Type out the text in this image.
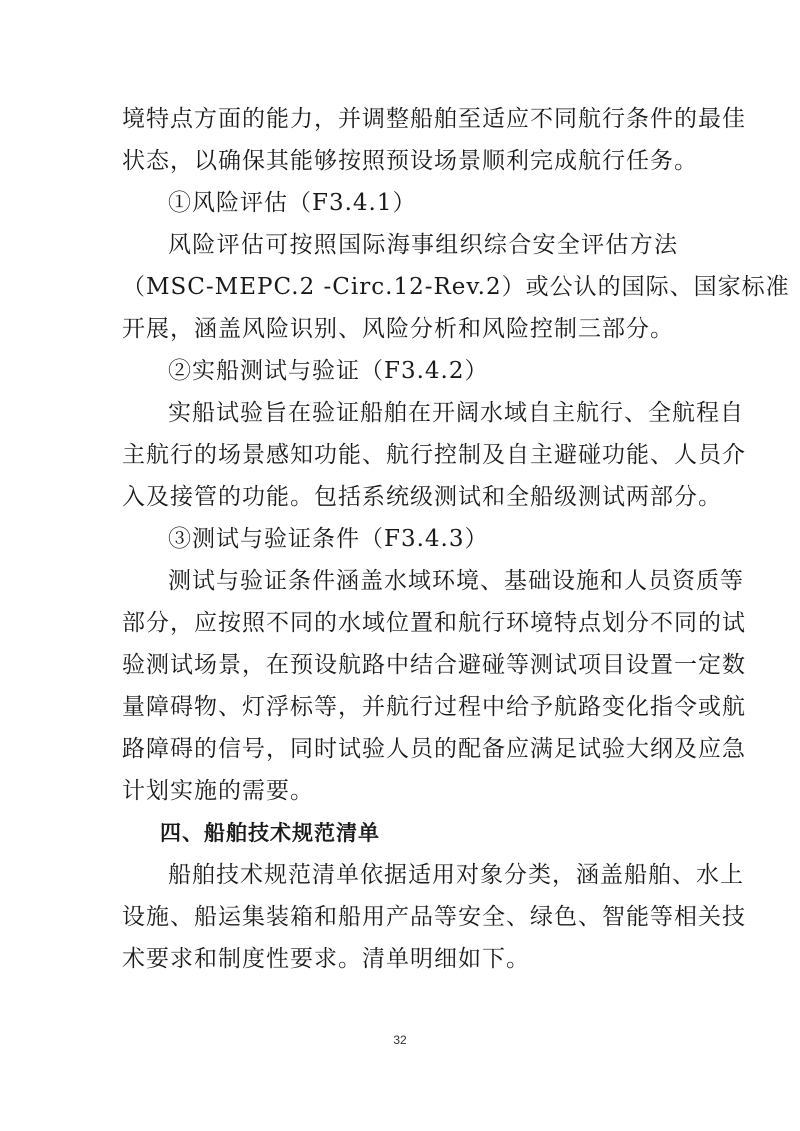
境特点方面的能力，并调整船舶至适应不同航行条件的最佳
状态，以确保其能够按照预设场景顺利完成航行任务。
①风险评估（F3.4.1）
风险评估可按照国际海事组织综合安全评估方法
（MSC-MEPC.2 -Circ.12-Rev.2）或公认的国际、国家标准
开展，涵盖风险识别、风险分析和风险控制三部分。
②实船测试与验证（F3.4.2）
实船试验旨在验证船舶在开阔水域自主航行、全航程自
主航行的场景感知功能、航行控制及自主避碰功能、人员介
入及接管的功能。包括系统级测试和全船级测试两部分。
③测试与验证条件（F3.4.3）
测试与验证条件涵盖水域环境、基础设施和人员资质等
部分，应按照不同的水域位置和航行环境特点划分不同的试
验测试场景，在预设航路中结合避碰等测试项目设置一定数
量障碍物、灯浮标等，并航行过程中给予航路变化指令或航
路障碍的信号，同时试验人员的配备应满足试验大纲及应急
计划实施的需要。
四、船舶技术规范清单
船舶技术规范清单依据适用对象分类，涵盖船舶、水上
设施、船运集装箱和船用产品等安全、绿色、智能等相关技
术要求和制度性要求。清单明细如下。
32
